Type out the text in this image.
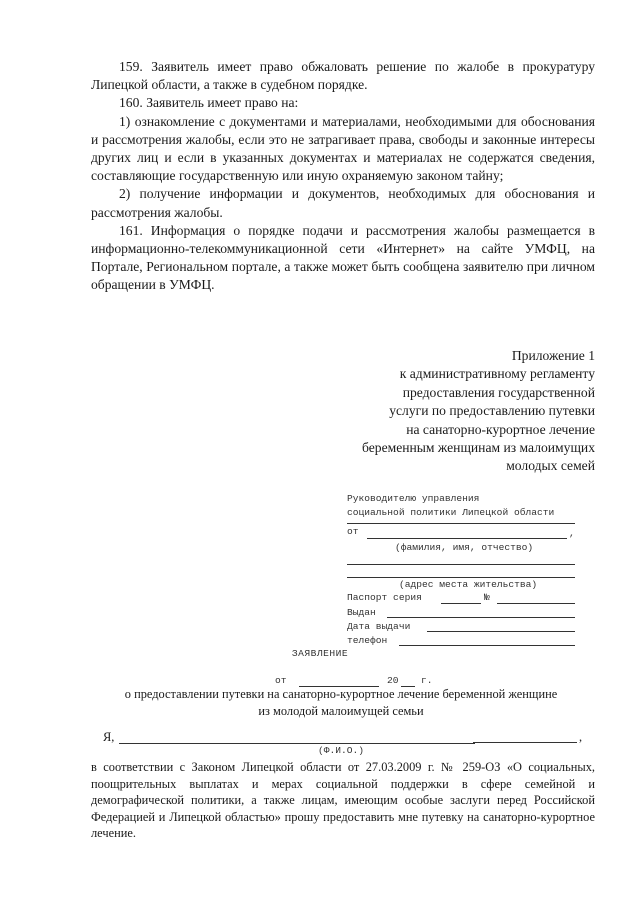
159. Заявитель имеет право обжаловать решение по жалобе в прокуратуру Липецкой области, а также в судебном порядке.

160. Заявитель имеет право на:

1) ознакомление с документами и материалами, необходимыми для обоснования и рассмотрения жалобы, если это не затрагивает права, свободы и законные интересы других лиц и если в указанных документах и материалах не содержатся сведения, составляющие государственную или иную охраняемую законом тайну;

2) получение информации и документов, необходимых для обоснования и рассмотрения жалобы.

161. Информация о порядке подачи и рассмотрения жалобы размещается в информационно-телекоммуникационной сети «Интернет» на сайте УМФЦ, на Портале, Региональном портале, а также может быть сообщена заявителю при личном обращении в УМФЦ.

Приложение 1
к административному регламенту
предоставления государственной
услуги по предоставлению путевки
на санаторно-курортное лечение
беременным женщинам из малоимущих
молодых семей
Руководителю управления
социальной политики Липецкой области
от	,
(фамилия, имя, отчество)
(адрес места жительства)
Паспорт серия	№
Выдан
Дата выдачи
телефон
ЗАЯВЛЕНИЕ
от	20 г.
о предоставлении путевки на санаторно-курортное лечение беременной женщине
из молодой малоимущей семьи
Я,	,
(Ф.И.О.)

в соответствии с Законом Липецкой области от 27.03.2009 г. № 259-ОЗ «О социальных, поощрительных выплатах и мерах социальной поддержки в сфере семейной и демографической политики, а также лицам, имеющим особые заслуги перед Российской Федерацией и Липецкой областью» прошу предоставить мне путевку на санаторно-курортное лечение.
